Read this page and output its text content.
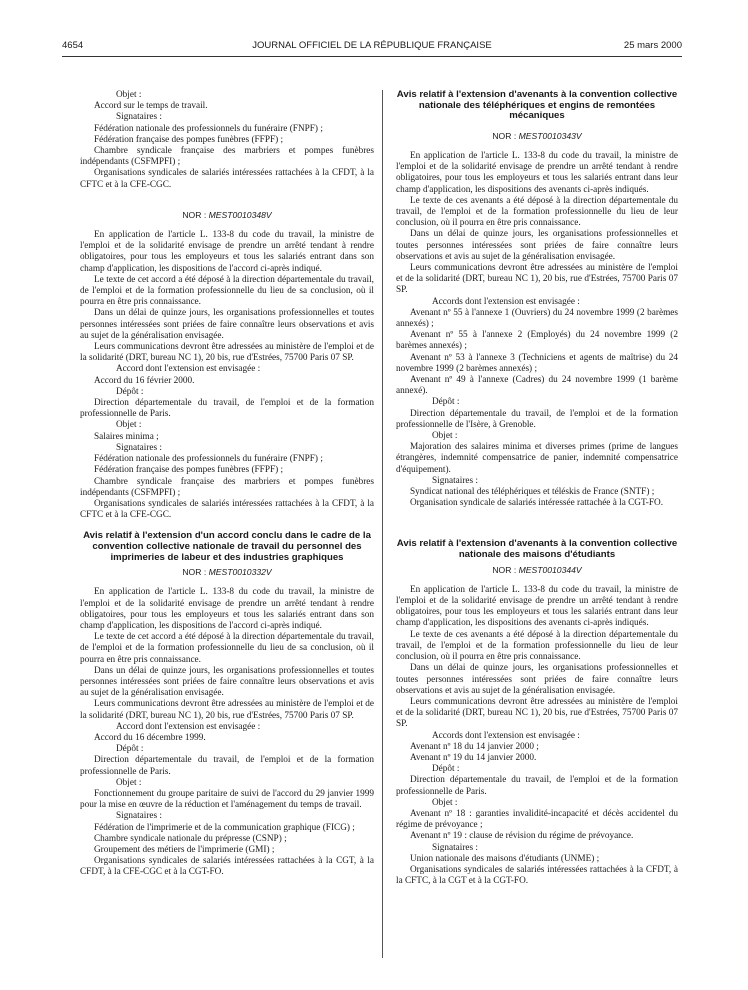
4654	JOURNAL OFFICIEL DE LA RÉPUBLIQUE FRANÇAISE	25 mars 2000

Objet :

Accord sur le temps de travail.

Signataires :

Fédération nationale des professionnels du funéraire (FNPF) ;

Fédération française des pompes funèbres (FFPF) ;

Chambre syndicale française des marbriers et pompes funèbres indépendants (CSFMPFI) ;

Organisations syndicales de salariés intéressées rattachées à la CFDT, à la CFTC et à la CFE-CGC.

NOR : MEST0010348V

En application de l'article L. 133-8 du code du travail, la ministre de l'emploi et de la solidarité envisage de prendre un arrêté tendant à rendre obligatoires, pour tous les employeurs et tous les salariés entrant dans son champ d'application, les dispositions de l'accord ci-après indiqué.

Le texte de cet accord a été déposé à la direction départementale du travail, de l'emploi et de la formation professionnelle du lieu de sa conclusion, où il pourra en être pris connaissance.

Dans un délai de quinze jours, les organisations professionnelles et toutes personnes intéressées sont priées de faire connaître leurs observations et avis au sujet de la généralisation envisagée.

Leurs communications devront être adressées au ministère de l'emploi et de la solidarité (DRT, bureau NC 1), 20 bis, rue d'Estrées, 75700 Paris 07 SP.

Accord dont l'extension est envisagée :

Accord du 16 février 2000.

Dépôt :

Direction départementale du travail, de l'emploi et de la formation professionnelle de Paris.

Objet :

Salaires minima ;

Signataires :

Fédération nationale des professionnels du funéraire (FNPF) ;

Fédération française des pompes funèbres (FFPF) ;

Chambre syndicale française des marbriers et pompes funèbres indépendants (CSFMPFI) ;

Organisations syndicales de salariés intéressées rattachées à la CFDT, à la CFTC et à la CFE-CGC.

Avis relatif à l'extension d'un accord conclu dans le cadre de la convention collective nationale de travail du personnel des imprimeries de labeur et des industries graphiques

NOR : MEST0010332V

En application de l'article L. 133-8 du code du travail, la ministre de l'emploi et de la solidarité envisage de prendre un arrêté tendant à rendre obligatoires, pour tous les employeurs et tous les salariés entrant dans son champ d'application, les dispositions de l'accord ci-après indiqué.

Le texte de cet accord a été déposé à la direction départementale du travail, de l'emploi et de la formation professionnelle du lieu de sa conclusion, où il pourra en être pris connaissance.

Dans un délai de quinze jours, les organisations professionnelles et toutes personnes intéressées sont priées de faire connaître leurs observations et avis au sujet de la généralisation envisagée.

Leurs communications devront être adressées au ministère de l'emploi et de la solidarité (DRT, bureau NC 1), 20 bis, rue d'Estrées, 75700 Paris 07 SP.

Accord dont l'extension est envisagée :

Accord du 16 décembre 1999.

Dépôt :

Direction départementale du travail, de l'emploi et de la formation professionnelle de Paris.

Objet :

Fonctionnement du groupe paritaire de suivi de l'accord du 29 janvier 1999 pour la mise en œuvre de la réduction et l'aménagement du temps de travail.

Signataires :

Fédération de l'imprimerie et de la communication graphique (FICG) ;

Chambre syndicale nationale du prépresse (CSNP) ;

Groupement des métiers de l'imprimerie (GMI) ;

Organisations syndicales de salariés intéressées rattachées à la CGT, à la CFDT, à la CFE-CGC et à la CGT-FO.

Avis relatif à l'extension d'avenants à la convention collective nationale des téléphériques et engins de remontées mécaniques

NOR : MEST0010343V

En application de l'article L. 133-8 du code du travail, la ministre de l'emploi et de la solidarité envisage de prendre un arrêté tendant à rendre obligatoires, pour tous les employeurs et tous les salariés entrant dans leur champ d'application, les dispositions des avenants ci-après indiqués.

Le texte de ces avenants a été déposé à la direction départementale du travail, de l'emploi et de la formation professionnelle du lieu de leur conclusion, où il pourra en être pris connaissance.

Dans un délai de quinze jours, les organisations professionnelles et toutes personnes intéressées sont priées de faire connaître leurs observations et avis au sujet de la généralisation envisagée.

Leurs communications devront être adressées au ministère de l'emploi et de la solidarité (DRT, bureau NC 1), 20 bis, rue d'Estrées, 75700 Paris 07 SP.

Accords dont l'extension est envisagée :

Avenant nº 55 à l'annexe 1 (Ouvriers) du 24 novembre 1999 (2 barèmes annexés) ;

Avenant nº 55 à l'annexe 2 (Employés) du 24 novembre 1999 (2 barèmes annexés) ;

Avenant nº 53 à l'annexe 3 (Techniciens et agents de maîtrise) du 24 novembre 1999 (2 barèmes annexés) ;

Avenant nº 49 à l'annexe (Cadres) du 24 novembre 1999 (1 barème annexé).

Dépôt :

Direction départementale du travail, de l'emploi et de la formation professionnelle de l'Isère, à Grenoble.

Objet :

Majoration des salaires minima et diverses primes (prime de langues étrangères, indemnité compensatrice de panier, indemnité compensatrice d'équipement).

Signataires :

Syndicat national des téléphériques et téléskis de France (SNTF) ;

Organisation syndicale de salariés intéressée rattachée à la CGT-FO.

Avis relatif à l'extension d'avenants à la convention collective nationale des maisons d'étudiants

NOR : MEST0010344V

En application de l'article L. 133-8 du code du travail, la ministre de l'emploi et de la solidarité envisage de prendre un arrêté tendant à rendre obligatoires, pour tous les employeurs et tous les salariés entrant dans leur champ d'application, les dispositions des avenants ci-après indiqués.

Le texte de ces avenants a été déposé à la direction départementale du travail, de l'emploi et de la formation professionnelle du lieu de leur conclusion, où il pourra en être pris connaissance.

Dans un délai de quinze jours, les organisations professionnelles et toutes personnes intéressées sont priées de faire connaître leurs observations et avis au sujet de la généralisation envisagée.

Leurs communications devront être adressées au ministère de l'emploi et de la solidarité (DRT, bureau NC 1), 20 bis, rue d'Estrées, 75700 Paris 07 SP.

Accords dont l'extension est envisagée :

Avenant nº 18 du 14 janvier 2000 ;

Avenant nº 19 du 14 janvier 2000.

Dépôt :

Direction départementale du travail, de l'emploi et de la formation professionnelle de Paris.

Objet :

Avenant nº 18 : garanties invalidité-incapacité et décès accidentel du régime de prévoyance ;

Avenant nº 19 : clause de révision du régime de prévoyance.

Signataires :

Union nationale des maisons d'étudiants (UNME) ;

Organisations syndicales de salariés intéressées rattachées à la CFDT, à la CFTC, à la CGT et à la CGT-FO.
